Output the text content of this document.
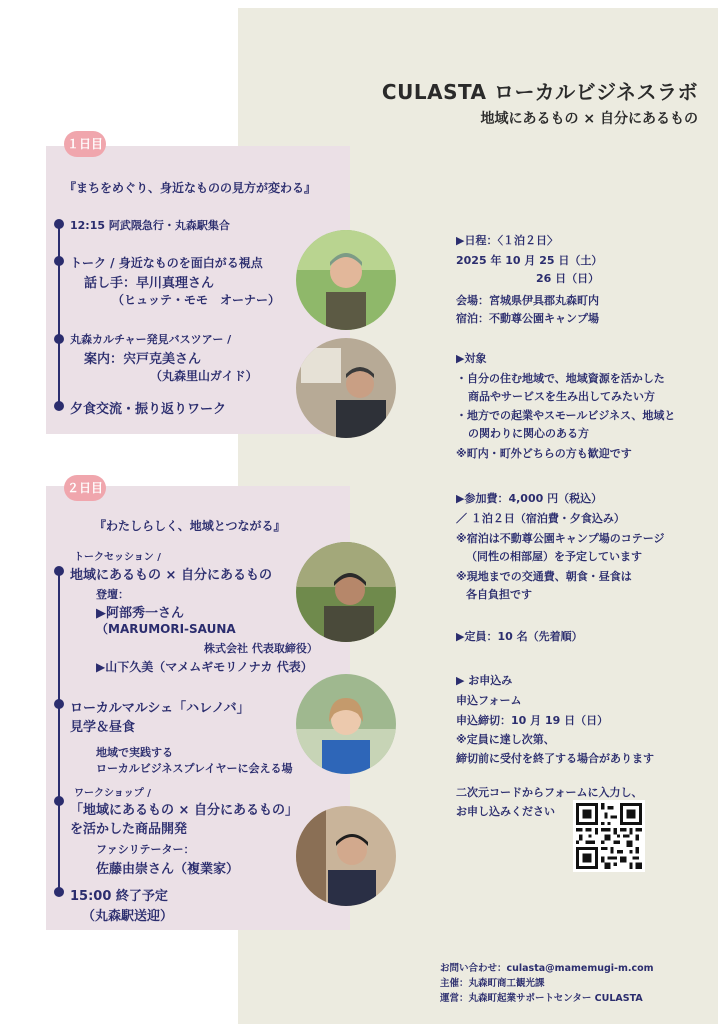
CULASTA ローカルビジネスラボ
地域にあるもの × 自分にあるもの
１日目
『まちをめぐり、身近なものの見方が変わる』
12:15 阿武隈急行・丸森駅集合
トーク / 身近なものを面白がる視点
話し手：早川真理さん
（ヒュッテ・モモ　オーナー）
丸森カルチャー発見バスツアー /
案内：宍戸克美さん
（丸森里山ガイド）
夕食交流・振り返りワーク
２日目
『わたしらしく、地域とつながる』
トークセッション /
地域にあるもの × 自分にあるもの
登壇：
▶阿部秀一さん
（MARUMORI-SAUNA
株式会社 代表取締役）
▶山下久美（マメムギモリノナカ 代表）
ローカルマルシェ「ハレノバ」
見学＆昼食
地域で実践する
ローカルビジネスプレイヤーに会える場
ワークショップ /
「地域にあるもの × 自分にあるもの」
を活かした商品開発
ファシリテーター：
佐藤由崇さん（複業家）
15:00 終了予定
（丸森駅送迎）
▶日程：〈１泊２日〉
2025 年 10 月 25 日（土）
26 日（日）
会場：宮城県伊具郡丸森町内
宿泊：不動尊公園キャンプ場
▶対象
・自分の住む地域で、地域資源を活かした
商品やサービスを生み出してみたい方
・地方での起業やスモールビジネス、地域と
の関わりに関心のある方
※町内・町外どちらの方も歓迎です
▶参加費：4,000 円（税込）
／ １泊２日（宿泊費・夕食込み）
※宿泊は不動尊公園キャンプ場のコテージ
（同性の相部屋）を予定しています
※現地までの交通費、朝食・昼食は
各自負担です
▶定員：10 名（先着順）
▶ お申込み
申込フォーム
申込締切：10 月 19 日（日）
※定員に達し次第、
締切前に受付を終了する場合があります
二次元コードからフォームに入力し、
お申し込みください
お問い合わせ：culasta@mamemugi-m.com
主催：丸森町商工観光課
運営：丸森町起業サポートセンター CULASTA
